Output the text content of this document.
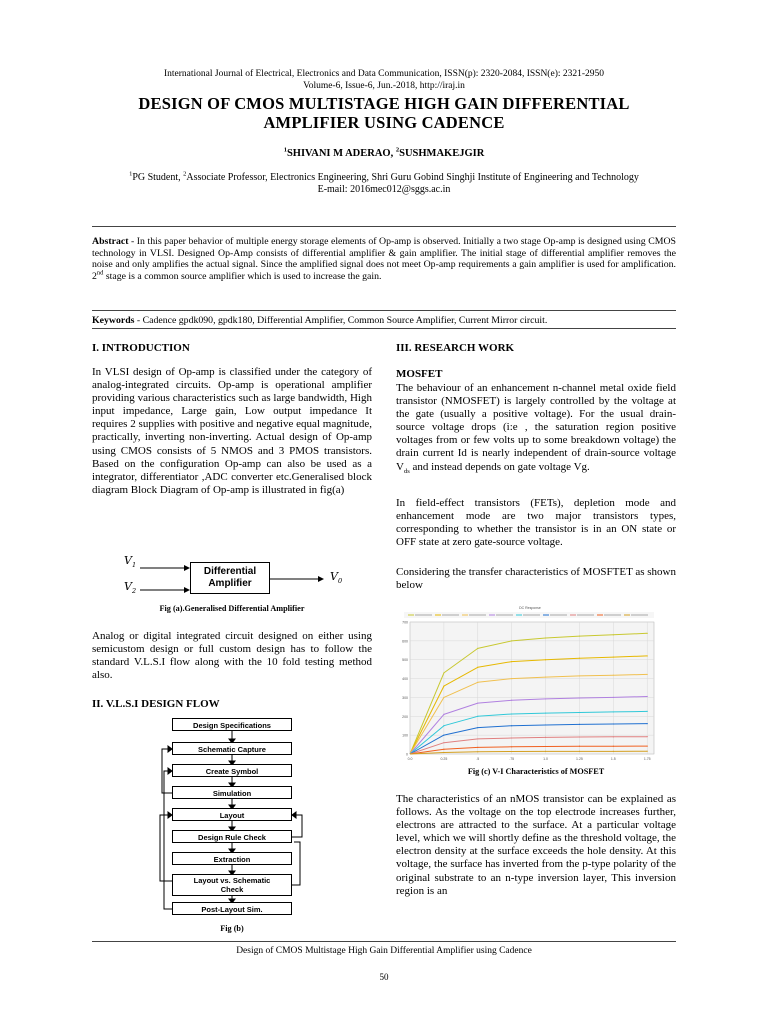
International Journal of Electrical, Electronics and Data Communication, ISSN(p): 2320-2084, ISSN(e): 2321-2950
Volume-6, Issue-6, Jun.-2018, http://iraj.in
DESIGN OF CMOS MULTISTAGE HIGH GAIN DIFFERENTIAL
AMPLIFIER USING CADENCE
$^1$SHIVANI M ADERAO, $^2$SUSHMAKEJGIR
$^1$PG Student, $^2$Associate Professor, Electronics Engineering, Shri Guru Gobind Singhji Institute of Engineering and Technology
E-mail: 2016mec012@sggs.ac.in
Abstract - In this paper behavior of multiple energy storage elements of Op-amp is observed. Initially a two stage Op-amp is designed using CMOS technology in VLSI. Designed Op-Amp consists of differential amplifier & gain amplifier. The initial stage of differential amplifier removes the noise and only amplifies the actual signal. Since the amplified signal does not meet Op-amp requirements a gain amplifier is used for amplification. 2nd stage is a common source amplifier which is used to increase the gain.
Keywords - Cadence gpdk090, gpdk180, Differential Amplifier, Common Source Amplifier, Current Mirror circuit.
I. INTRODUCTION
In VLSI design of Op-amp is classified under the category of analog-integrated circuits. Op-amp is operational amplifier providing various characteristics such as large bandwidth, High input impedance, Large gain, Low output impedance It requires 2 supplies with positive and negative equal magnitude, practically, inverting non-inverting. Actual design of Op-amp using CMOS consists of 5 NMOS and 3 PMOS transistors. Based on the configuration Op-amp can also be used as a integrator, differentiator ,ADC converter etc.Generalised block diagram Block Diagram of Op-amp is illustrated in fig(a)
$V_1$
$V_2$
Differential
Amplifier
$V_0$
Fig (a).Generalised Differential Amplifier
Analog or digital integrated circuit designed on either using semicustom design or full custom design has to follow the standard V.L.S.I flow along with the 10 fold testing method also.
II. V.L.S.I DESIGN FLOW
Design Specifications
Schematic Capture
Create Symbol
Simulation
Layout
Design Rule Check
Extraction
Layout vs. Schematic
Check
Post-Layout Sim.
Fig (b)
III. RESEARCH WORK
MOSFET
The behaviour of an enhancement n-channel metal oxide field transistor (NMOSFET) is largely controlled by the voltage at the gate (usually a positive voltage). For the usual drain- source voltage drops (i:e , the saturation region positive voltages from or few volts up to some breakdown voltage) the drain current Id is nearly independent of drain-source voltage $V_{ds}$ and instead depends on gate voltage Vg.
In field-effect transistors (FETs), depletion mode and enhancement mode are two major transistors types, corresponding to whether the transistor is in an ON state or OFF state at zero gate-source voltage.
Considering the transfer characteristics of MOSFTET as shown below
DC Response
0.0	0.25	.5	.75	1.0	1.25	1.5	1.75
0
100
200
300
400
500
600
700
Fig (c) V-I Characteristics of MOSFET
The characteristics of an nMOS transistor can be explained as follows. As the voltage on the top electrode increases further, electrons are attracted to the surface. At a particular voltage level, which we will shortly define as the threshold voltage, the electron density at the surface exceeds the hole density. At this voltage, the surface has inverted from the p-type polarity of the original substrate to an n-type inversion layer, This inversion region is an
Design of CMOS Multistage High Gain Differential Amplifier using Cadence
50
